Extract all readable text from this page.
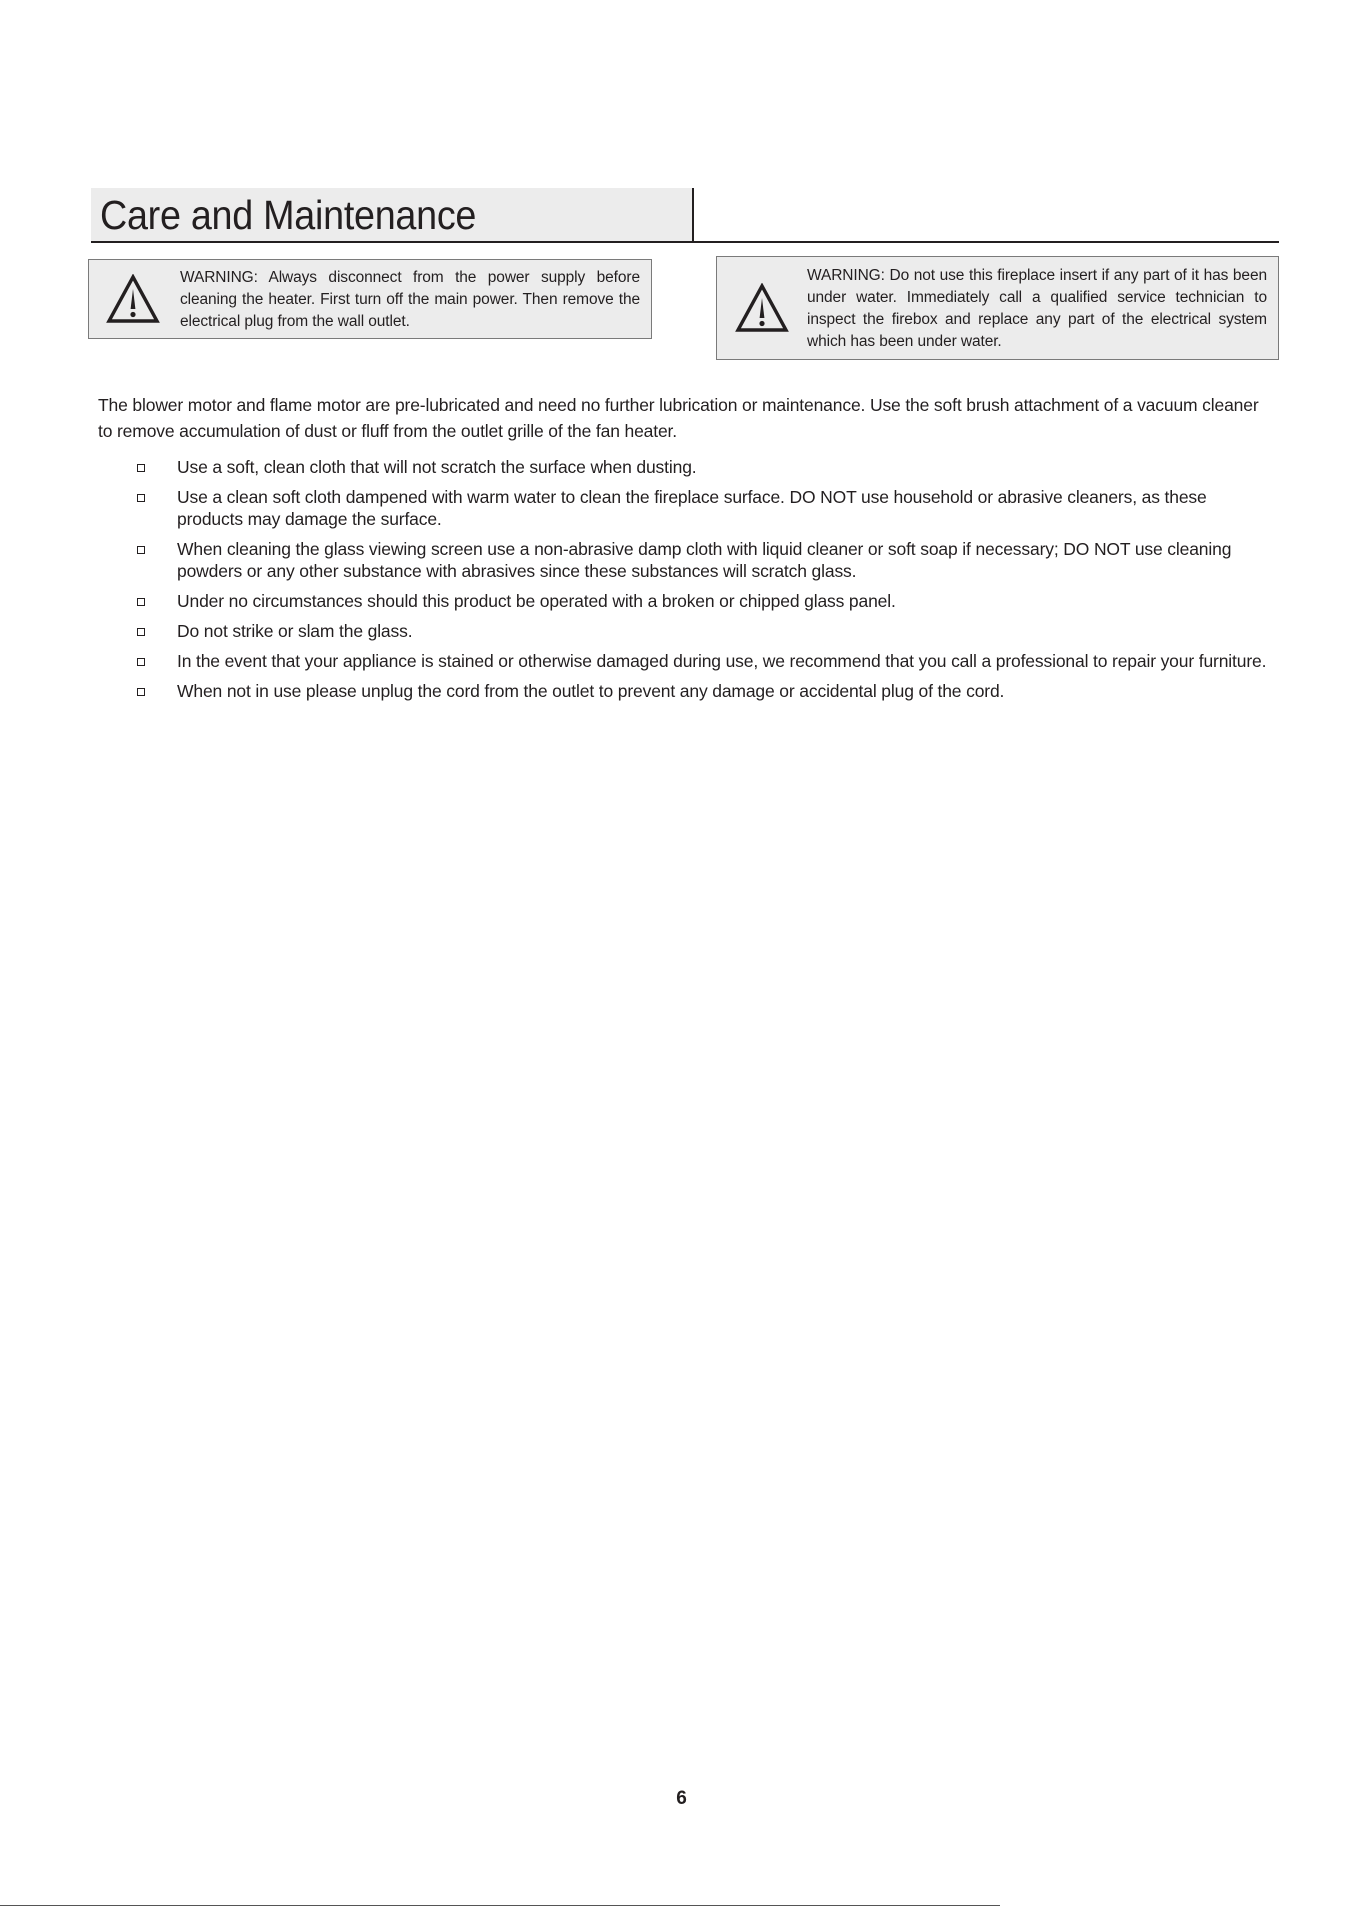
Care and Maintenance
WARNING: Always disconnect from the power supply before cleaning the heater. First turn off the main power. Then remove the electrical plug from the wall outlet.
WARNING: Do not use this fireplace insert if any part of it has been under water. Immediately call a qualified service technician to inspect the firebox and replace any part of the electrical system which has been under water.

The blower motor and flame motor are pre-lubricated and need no further lubrication or maintenance. Use the soft brush attachment of a vacuum cleaner to remove accumulation of dust or fluff from the outlet grille of the fan heater.

Use a soft, clean cloth that will not scratch the surface when dusting.
Use a clean soft cloth dampened with warm water to clean the fireplace surface. DO NOT use household or abrasive cleaners, as these products may damage the surface.
When cleaning the glass viewing screen use a non-abrasive damp cloth with liquid cleaner or soft soap if necessary; DO NOT use cleaning powders or any other substance with abrasives since these substances will scratch glass.
Under no circumstances should this product be operated with a broken or chipped glass panel.
Do not strike or slam the glass.
In the event that your appliance is stained or otherwise damaged during use, we recommend that you call a professional to repair your furniture.
When not in use please unplug the cord from the outlet to prevent any damage or accidental plug of the cord.
6
